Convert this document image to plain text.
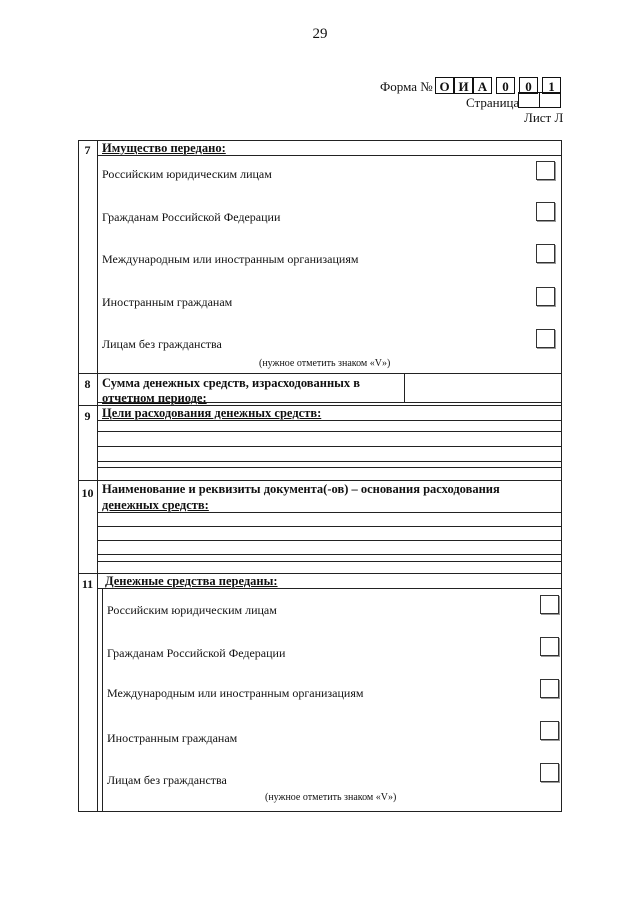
29
Форма № О И А	0	0	1
Страница
Лист Л
7 Имущество передано:
Российским юридическим лицам
Гражданам Российской Федерации
Международным или иностранным организациям
Иностранным гражданам
Лицам без гражданства
(нужное отметить знаком «V»)
8 Сумма денежных средств, израсходованных в
отчетном периоде:
9 Цели расходования денежных средств:
10 Наименование и реквизиты документа(-ов) – основания расходования
денежных средств:
11 Денежные средства переданы:
Российским юридическим лицам
Гражданам Российской Федерации
Международным или иностранным организациям
Иностранным гражданам
Лицам без гражданства
(нужное отметить знаком «V»)
